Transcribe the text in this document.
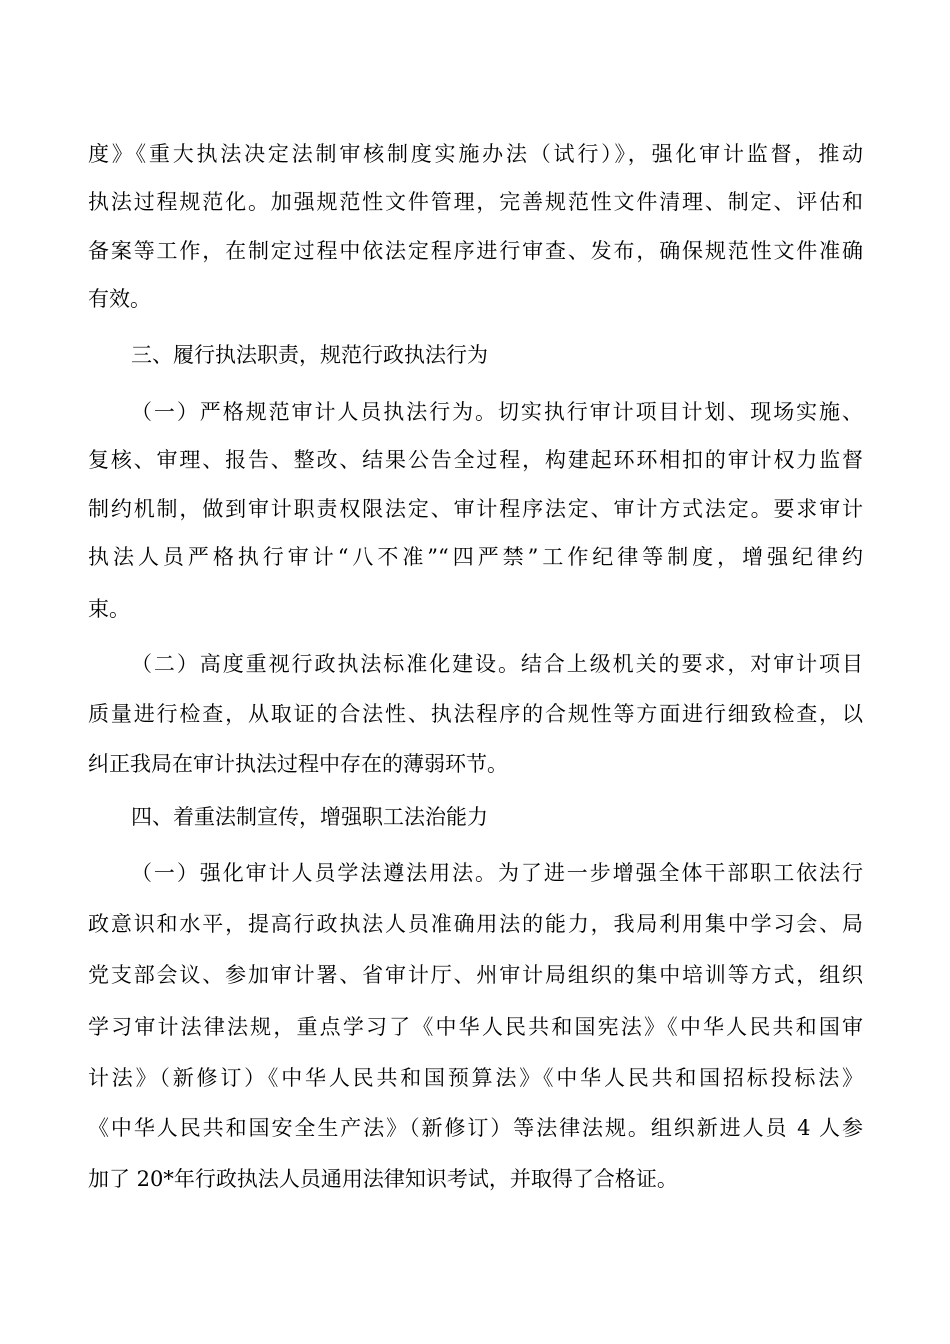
度》《重大执法决定法制审核制度实施办法（试行）》，强化审计监督，推动
执法过程规范化。加强规范性文件管理，完善规范性文件清理、制定、评估和
备案等工作，在制定过程中依法定程序进行审查、发布，确保规范性文件准确
有效。
三、履行执法职责，规范行政执法行为
（一）严格规范审计人员执法行为。切实执行审计项目计划、现场实施、
复核、审理、报告、整改、结果公告全过程，构建起环环相扣的审计权力监督
制约机制，做到审计职责权限法定、审计程序法定、审计方式法定。要求审计
执法人员严格执行审计“八不准”“四严禁”工作纪律等制度，增强纪律约
束。
（二）高度重视行政执法标准化建设。结合上级机关的要求，对审计项目
质量进行检查，从取证的合法性、执法程序的合规性等方面进行细致检查，以
纠正我局在审计执法过程中存在的薄弱环节。
四、着重法制宣传，增强职工法治能力
（一）强化审计人员学法遵法用法。为了进一步增强全体干部职工依法行
政意识和水平，提高行政执法人员准确用法的能力，我局利用集中学习会、局
党支部会议、参加审计署、省审计厅、州审计局组织的集中培训等方式，组织
学习审计法律法规，重点学习了《中华人民共和国宪法》《中华人民共和国审
计法》（新修订）《中华人民共和国预算法》《中华人民共和国招标投标法》
《中华人民共和国安全生产法》（新修订）等法律法规。组织新进人员 4 人参
加了 20*年行政执法人员通用法律知识考试，并取得了合格证。
